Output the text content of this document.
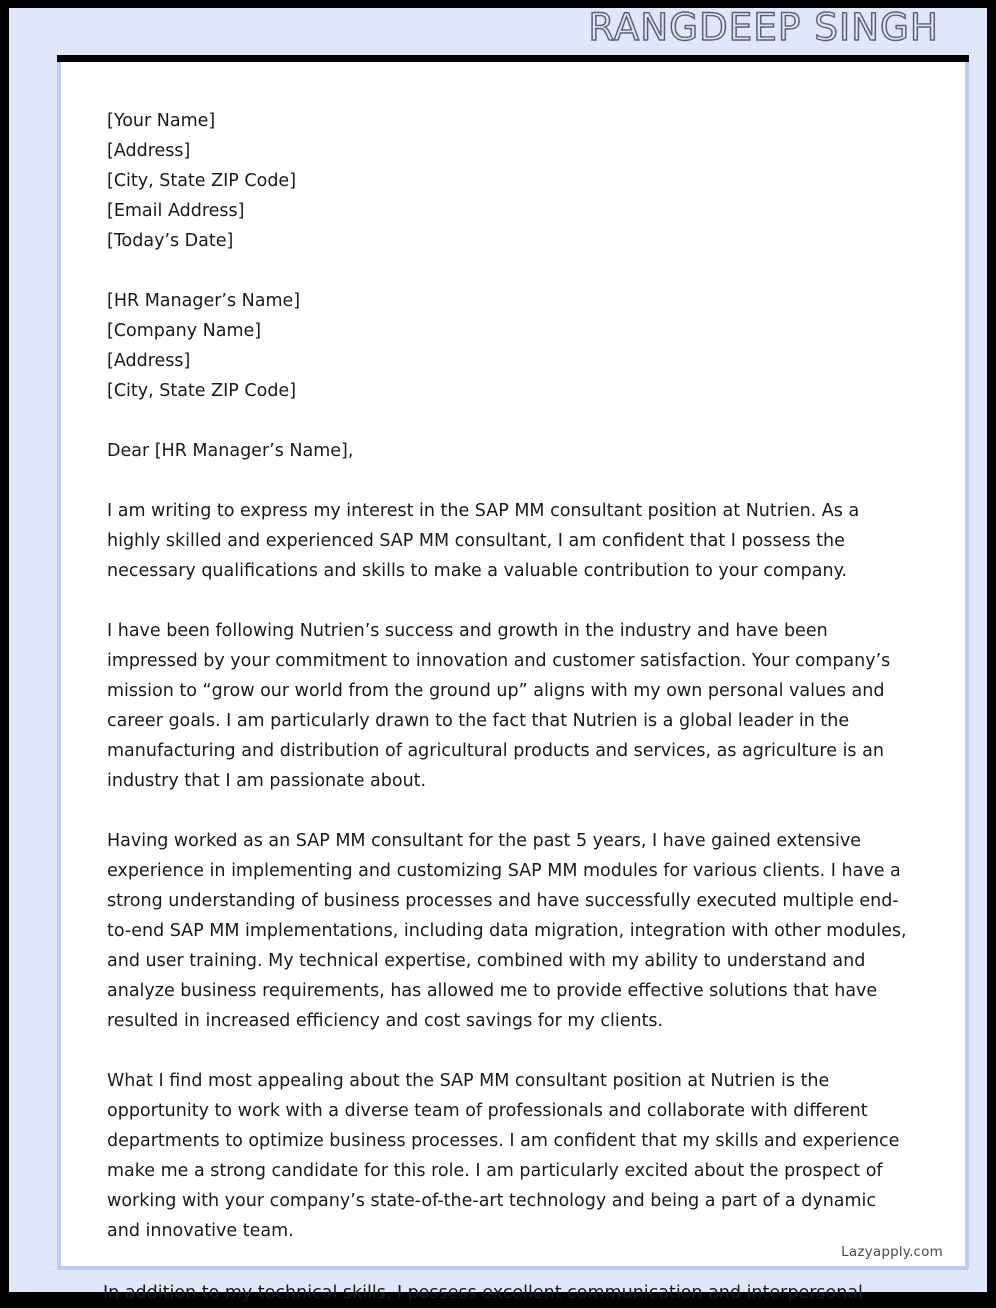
RANGDEEP SINGH
[Your Name]
[Address]
[City, State ZIP Code]
[Email Address]
[Today’s Date]
[HR Manager’s Name]
[Company Name]
[Address]
[City, State ZIP Code]
Dear [HR Manager’s Name],

I am writing to express my interest in the SAP MM consultant position at Nutrien. As a highly skilled and experienced SAP MM consultant, I am confident that I possess the necessary qualifications and skills to make a valuable contribution to your company.

I have been following Nutrien’s success and growth in the industry and have been impressed by your commitment to innovation and customer satisfaction. Your company’s mission to “grow our world from the ground up” aligns with my own personal values and career goals. I am particularly drawn to the fact that Nutrien is a global leader in the manufacturing and distribution of agricultural products and services, as agriculture is an industry that I am passionate about.

Having worked as an SAP MM consultant for the past 5 years, I have gained extensive experience in implementing and customizing SAP MM modules for various clients. I have a strong understanding of business processes and have successfully executed multiple end-to-end SAP MM implementations, including data migration, integration with other modules, and user training. My technical expertise, combined with my ability to understand and analyze business requirements, has allowed me to provide effective solutions that have resulted in increased efficiency and cost savings for my clients.

What I find most appealing about the SAP MM consultant position at Nutrien is the opportunity to work with a diverse team of professionals and collaborate with different departments to optimize business processes. I am confident that my skills and experience make me a strong candidate for this role. I am particularly excited about the prospect of working with your company’s state-of-the-art technology and being a part of a dynamic and innovative team.

Lazyapply.com
In addition to my technical skills, I possess excellent communication and interpersonal
